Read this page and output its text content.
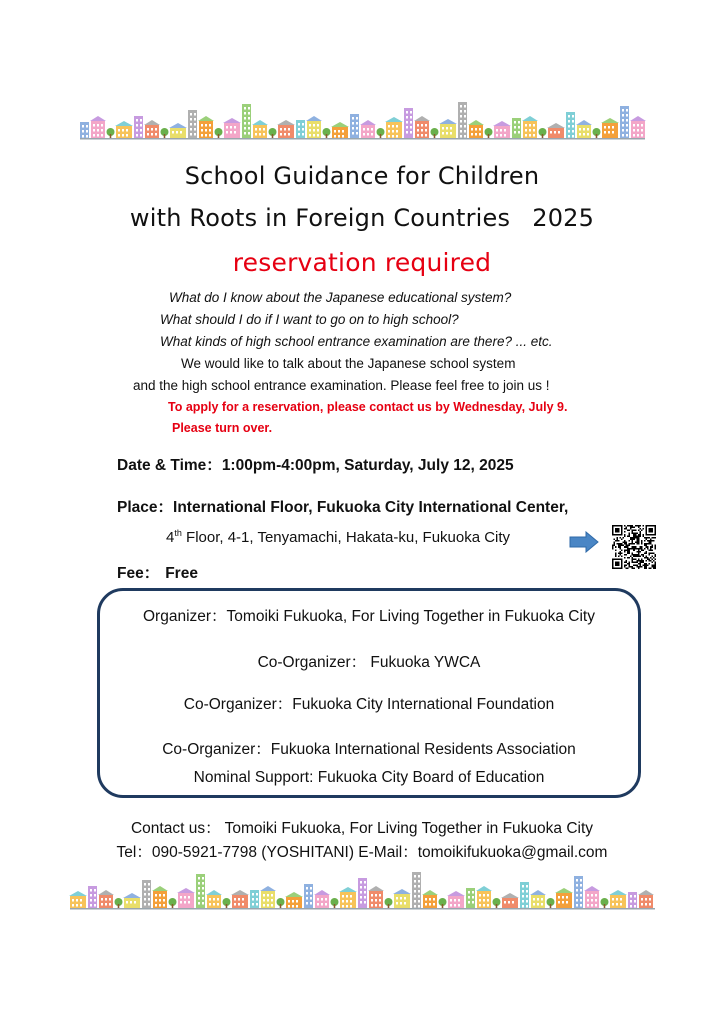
School Guidance for Children
with Roots in Foreign Countries 2025
reservation required
What do I know about the Japanese educational system?
What should I do if I want to go on to high school?
What kinds of high school entrance examination are there? ... etc.
We would like to talk about the Japanese school system
and the high school entrance examination. Please feel free to join us !
To apply for a reservation, please contact us by Wednesday, July 9.
Please turn over.
Date & Time：1:00pm-4:00pm, Saturday, July 12, 2025
Place：International Floor, Fukuoka City International Center,
4th Floor, 4-1, Tenyamachi, Hakata-ku, Fukuoka City
Fee： Free
Organizer：Tomoiki Fukuoka, For Living Together in Fukuoka City
Co-Organizer： Fukuoka YWCA
Co-Organizer：Fukuoka City International Foundation
Co-Organizer：Fukuoka International Residents Association
Nominal Support: Fukuoka City Board of Education
Contact us： Tomoiki Fukuoka, For Living Together in Fukuoka City
Tel：090-5921-7798 (YOSHITANI) E-Mail：tomoikifukuoka@gmail.com
